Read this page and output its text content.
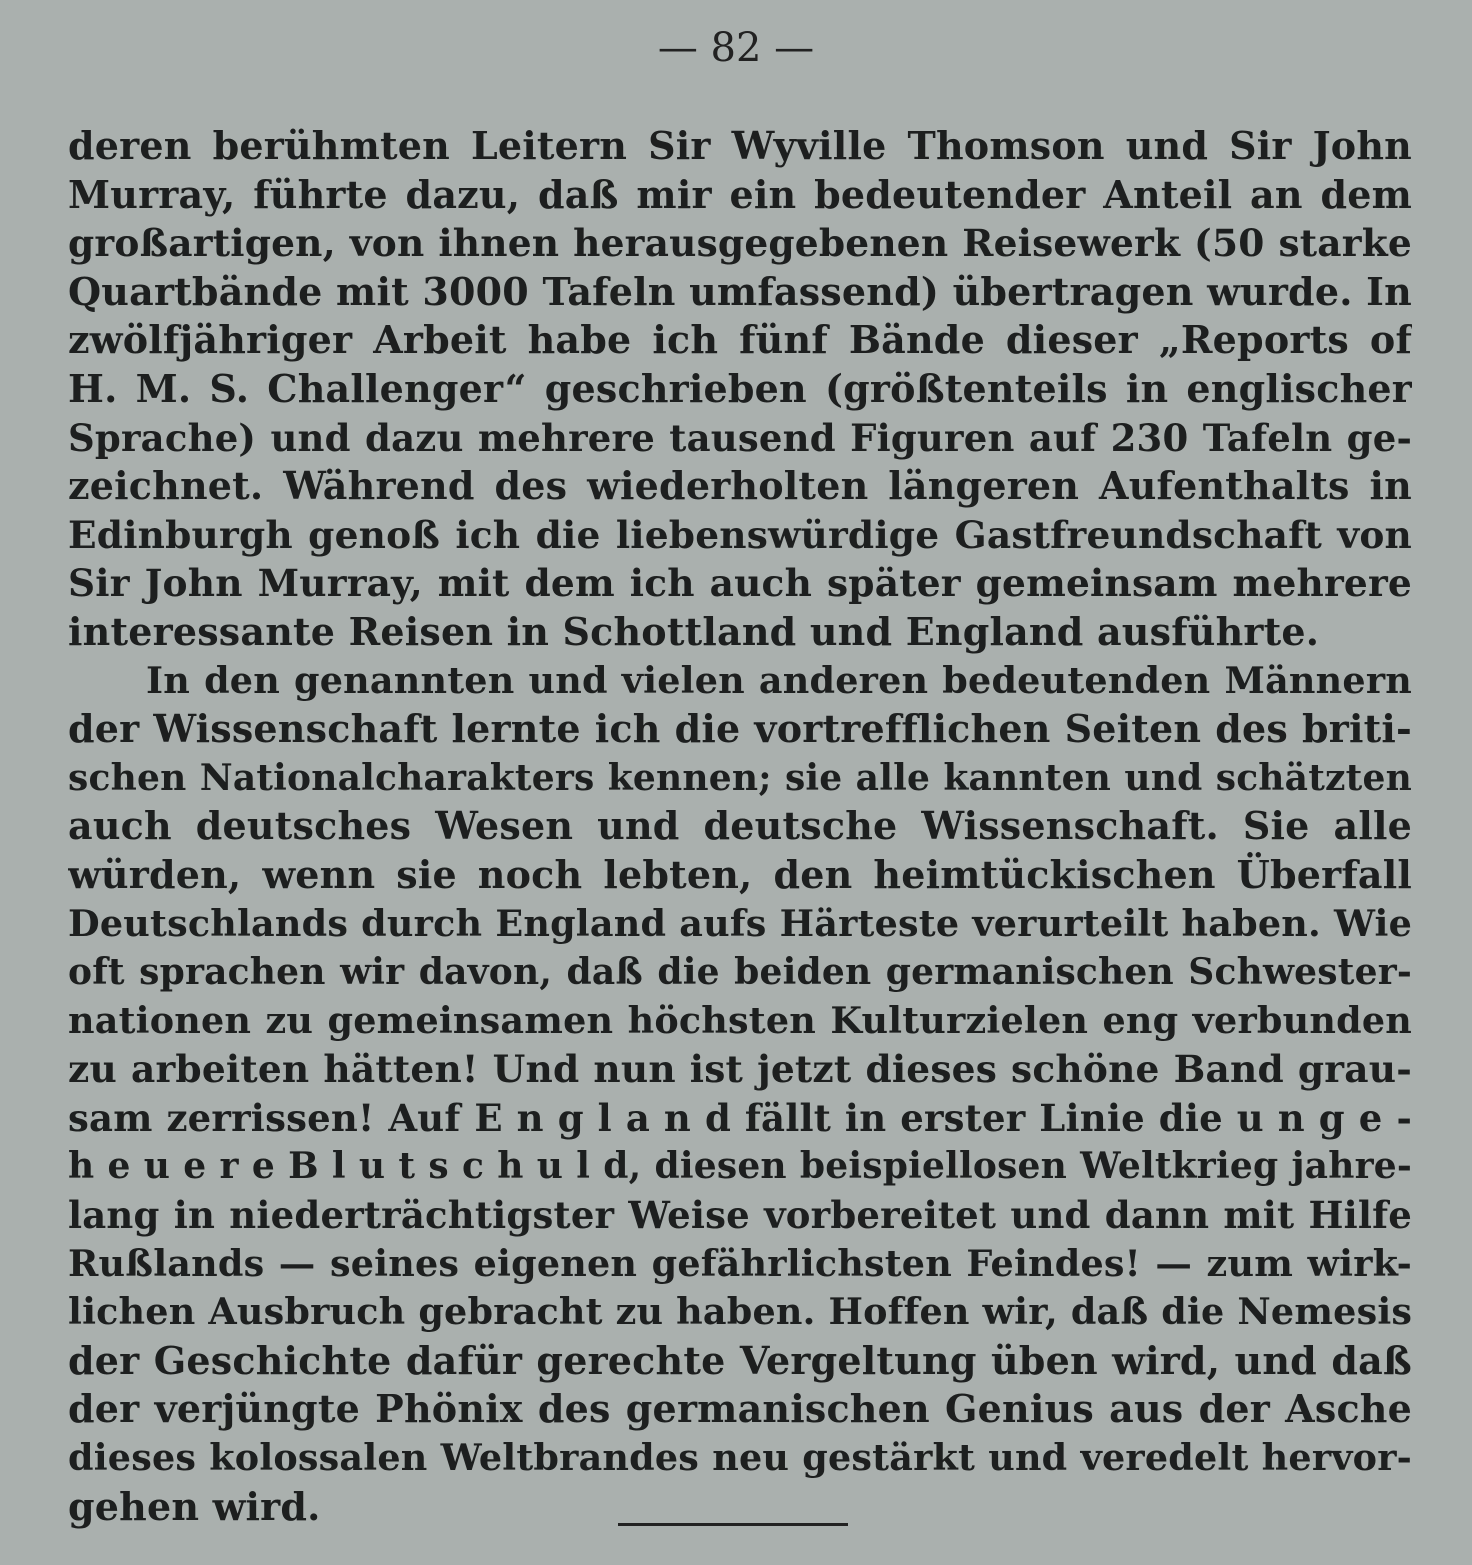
— 82 —
deren berühmten Leitern Sir Wyville Thomson und Sir John
Murray, führte dazu, daß mir ein bedeutender Anteil an dem
großartigen, von ihnen herausgegebenen Reisewerk (50 starke
Quartbände mit 3000 Tafeln umfassend) übertragen wurde. In
zwölfjähriger Arbeit habe ich fünf Bände dieser „Reports of
H. M. S. Challenger“ geschrieben (größtenteils in englischer
Sprache) und dazu mehrere tausend Figuren auf 230 Tafeln ge-
zeichnet. Während des wiederholten längeren Aufenthalts in
Edinburgh genoß ich die liebenswürdige Gastfreundschaft von
Sir John Murray, mit dem ich auch später gemeinsam mehrere
interessante Reisen in Schottland und England ausführte.
In den genannten und vielen anderen bedeutenden Männern
der Wissenschaft lernte ich die vortrefflichen Seiten des briti-
schen Nationalcharakters kennen; sie alle kannten und schätzten
auch deutsches Wesen und deutsche Wissenschaft. Sie alle
würden, wenn sie noch lebten, den heimtückischen Überfall
Deutschlands durch England aufs Härteste verurteilt haben. Wie
oft sprachen wir davon, daß die beiden germanischen Schwester-
nationen zu gemeinsamen höchsten Kulturzielen eng verbunden
zu arbeiten hätten! Und nun ist jetzt dieses schöne Band grau-
sam zerrissen! Auf E n g l a n d fällt in erster Linie die u n g e -
h e u e r e B l u t s c h u l d, diesen beispiellosen Weltkrieg jahre-
lang in niederträchtigster Weise vorbereitet und dann mit Hilfe
Rußlands — seines eigenen gefährlichsten Feindes! — zum wirk-
lichen Ausbruch gebracht zu haben. Hoffen wir, daß die Nemesis
der Geschichte dafür gerechte Vergeltung üben wird, und daß
der verjüngte Phönix des germanischen Genius aus der Asche
dieses kolossalen Weltbrandes neu gestärkt und veredelt hervor-
gehen wird.
